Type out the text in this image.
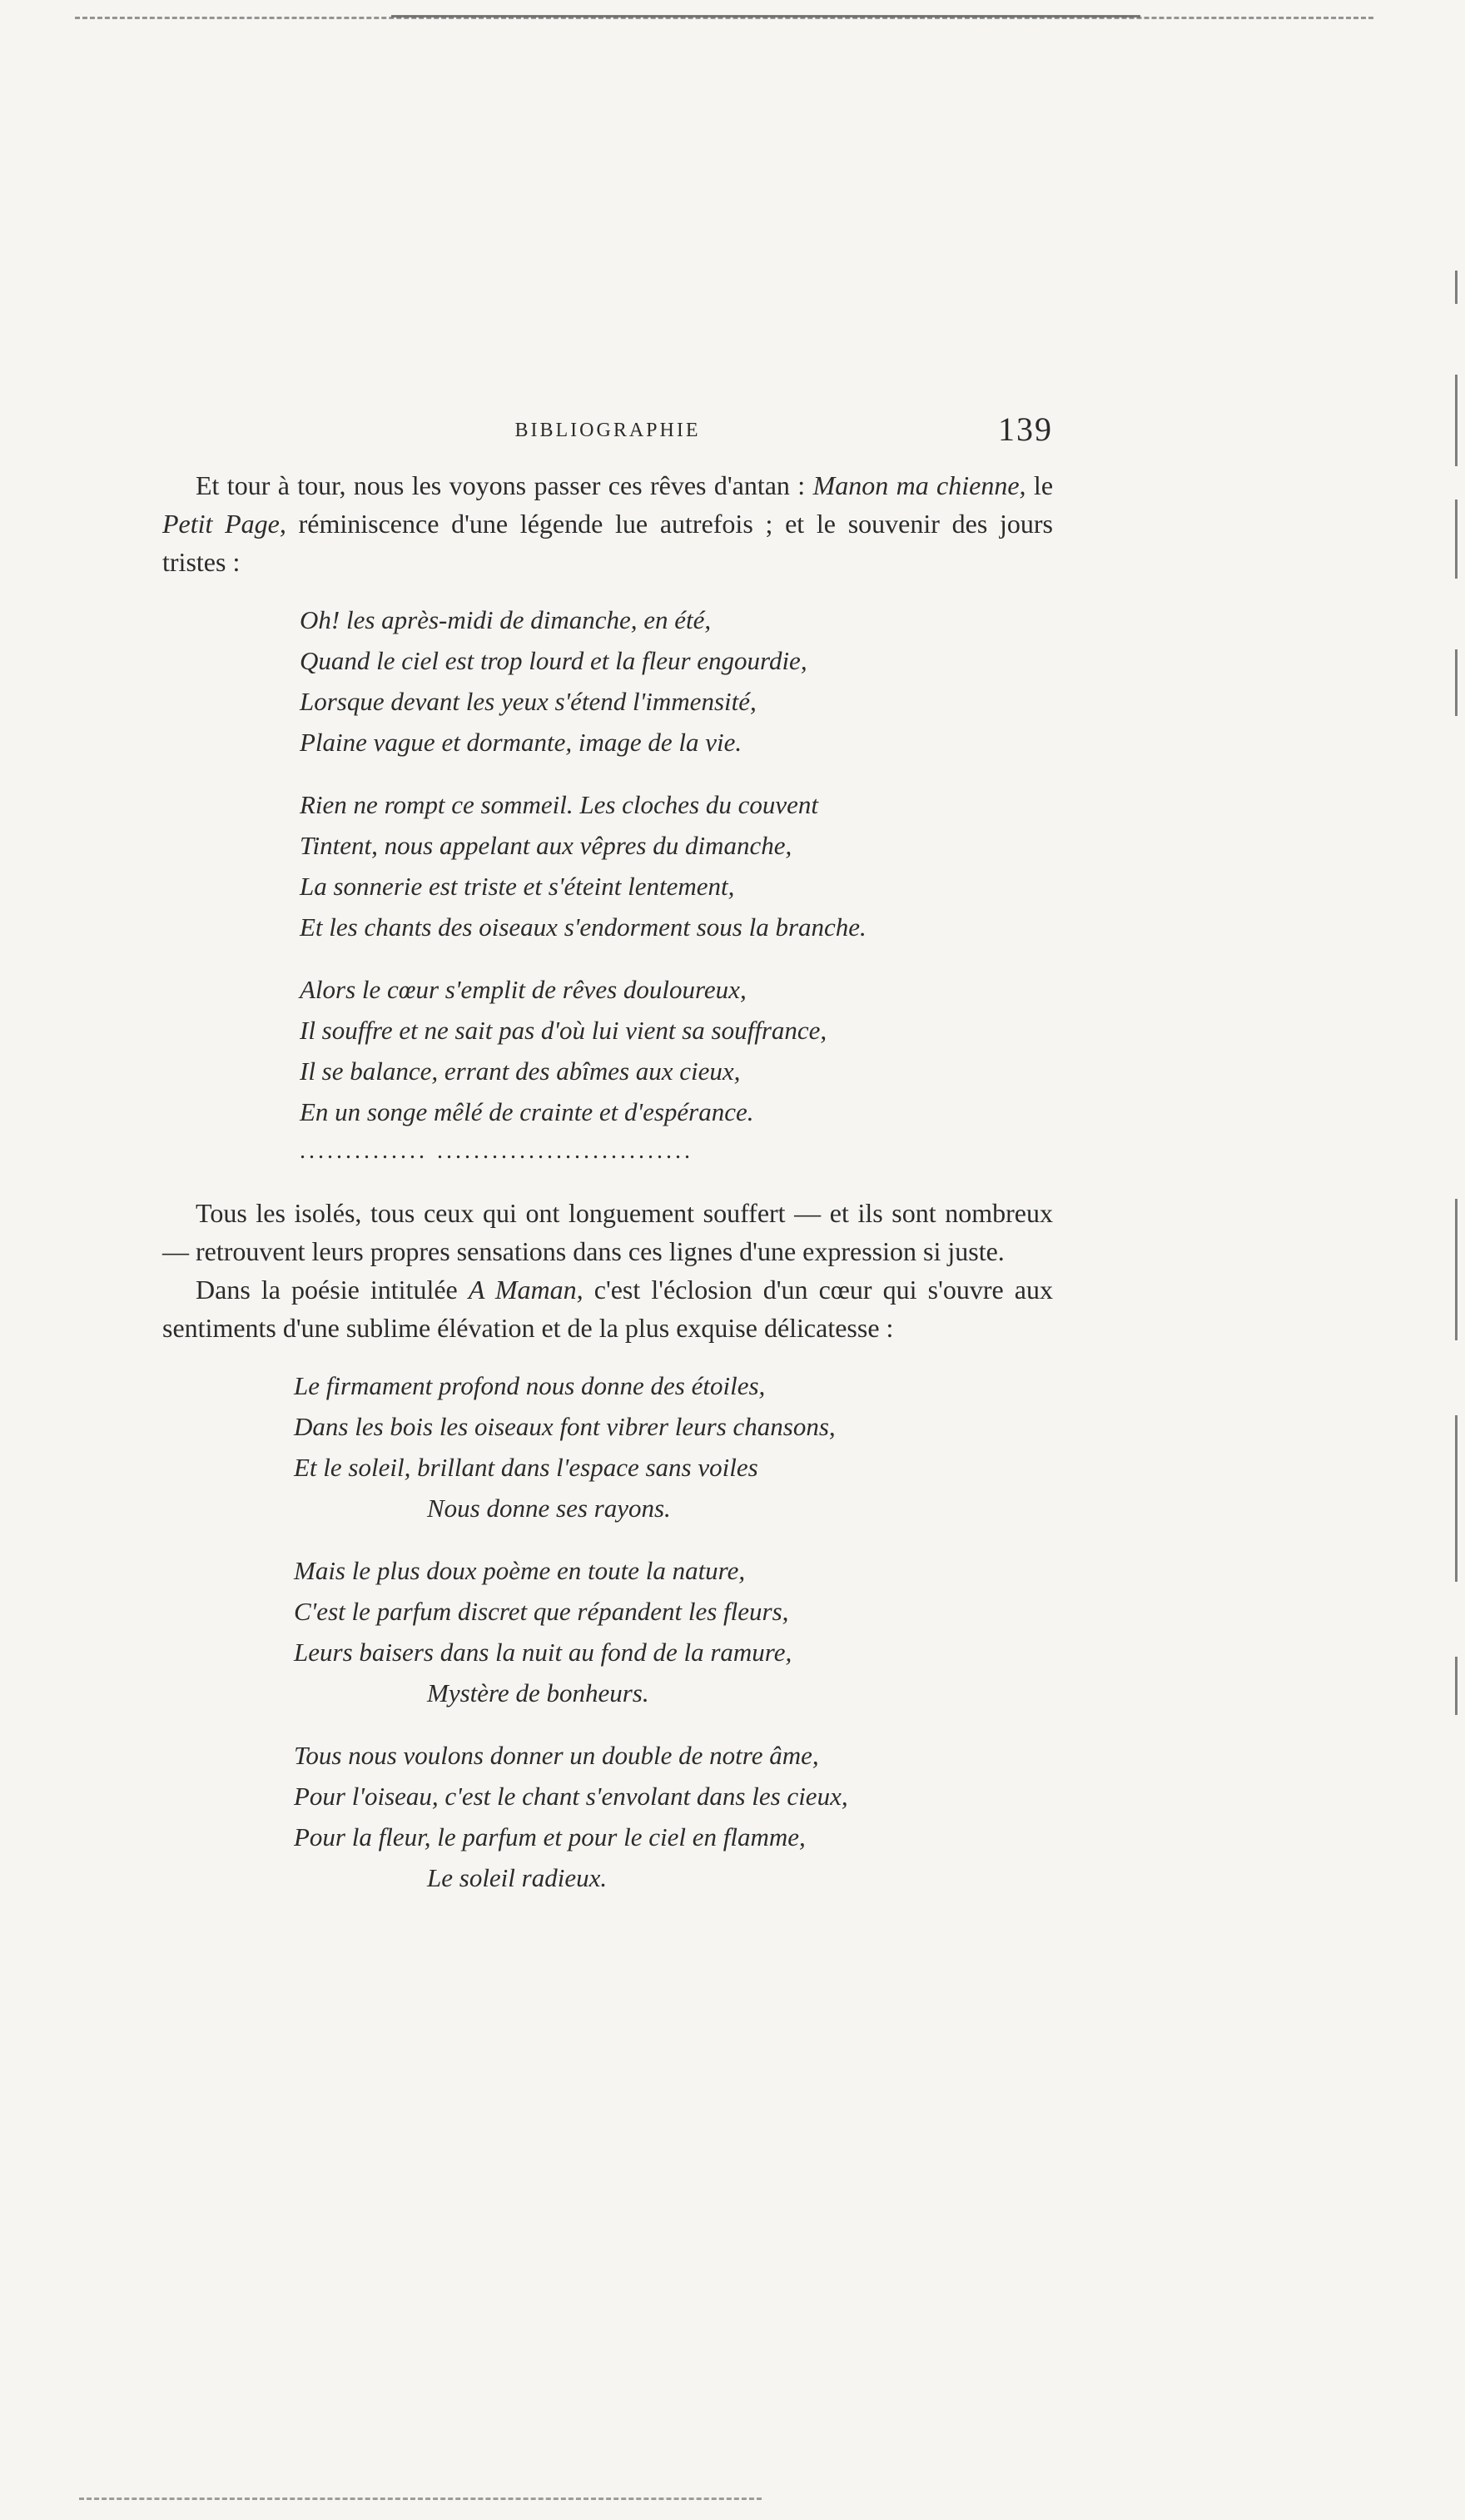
BIBLIOGRAPHIE	139

Et tour à tour, nous les voyons passer ces rêves d'antan : Manon ma chienne, le Petit Page, réminiscence d'une légende lue autrefois ; et le souvenir des jours tristes :

Oh! les après-midi de dimanche, en été,
Quand le ciel est trop lourd et la fleur engourdie,
Lorsque devant les yeux s'étend l'immensité,
Plaine vague et dormante, image de la vie.
Rien ne rompt ce sommeil. Les cloches du couvent
Tintent, nous appelant aux vêpres du dimanche,
La sonnerie est triste et s'éteint lentement,
Et les chants des oiseaux s'endorment sous la branche.
Alors le cœur s'emplit de rêves douloureux,
Il souffre et ne sait pas d'où lui vient sa souffrance,
Il se balance, errant des abîmes aux cieux,
En un songe mêlé de crainte et d'espérance.
.............. ............................

Tous les isolés, tous ceux qui ont longuement souffert — et ils sont nombreux — retrouvent leurs propres sensations dans ces lignes d'une expression si juste.

Dans la poésie intitulée A Maman, c'est l'éclosion d'un cœur qui s'ouvre aux sentiments d'une sublime élévation et de la plus exquise délicatesse :

Le firmament profond nous donne des étoiles,
Dans les bois les oiseaux font vibrer leurs chansons,
Et le soleil, brillant dans l'espace sans voiles
Nous donne ses rayons.
Mais le plus doux poème en toute la nature,
C'est le parfum discret que répandent les fleurs,
Leurs baisers dans la nuit au fond de la ramure,
Mystère de bonheurs.
Tous nous voulons donner un double de notre âme,
Pour l'oiseau, c'est le chant s'envolant dans les cieux,
Pour la fleur, le parfum et pour le ciel en flamme,
Le soleil radieux.
